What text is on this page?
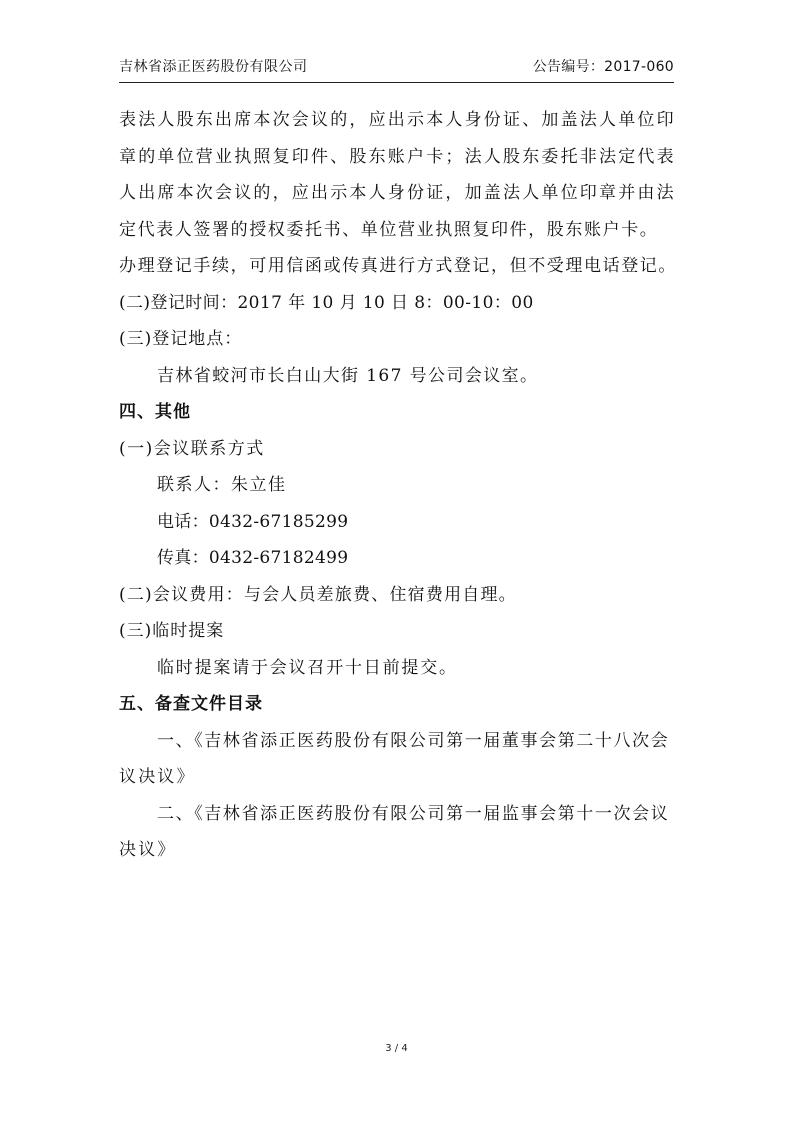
吉林省添正医药股份有限公司	公告编号：2017-060
表法人股东出席本次会议的，应出示本人身份证、加盖法人单位印
章的单位营业执照复印件、股东账户卡；法人股东委托非法定代表
人出席本次会议的，应出示本人身份证，加盖法人单位印章并由法
定代表人签署的授权委托书、单位营业执照复印件，股东账户卡。
办理登记手续，可用信函或传真进行方式登记，但不受理电话登记。
(二)登记时间：2017 年 10 月 10 日 8：00-10：00
(三)登记地点：
吉林省蛟河市长白山大街 167 号公司会议室。
四、其他
(一)会议联系方式
联系人：朱立佳
电话：0432-67185299
传真：0432-67182499
(二)会议费用：与会人员差旅费、住宿费用自理。
(三)临时提案
临时提案请于会议召开十日前提交。
五、备查文件目录
一、《吉林省添正医药股份有限公司第一届董事会第二十八次会
议决议》
二、《吉林省添正医药股份有限公司第一届监事会第十一次会议
决议》
3 / 4
